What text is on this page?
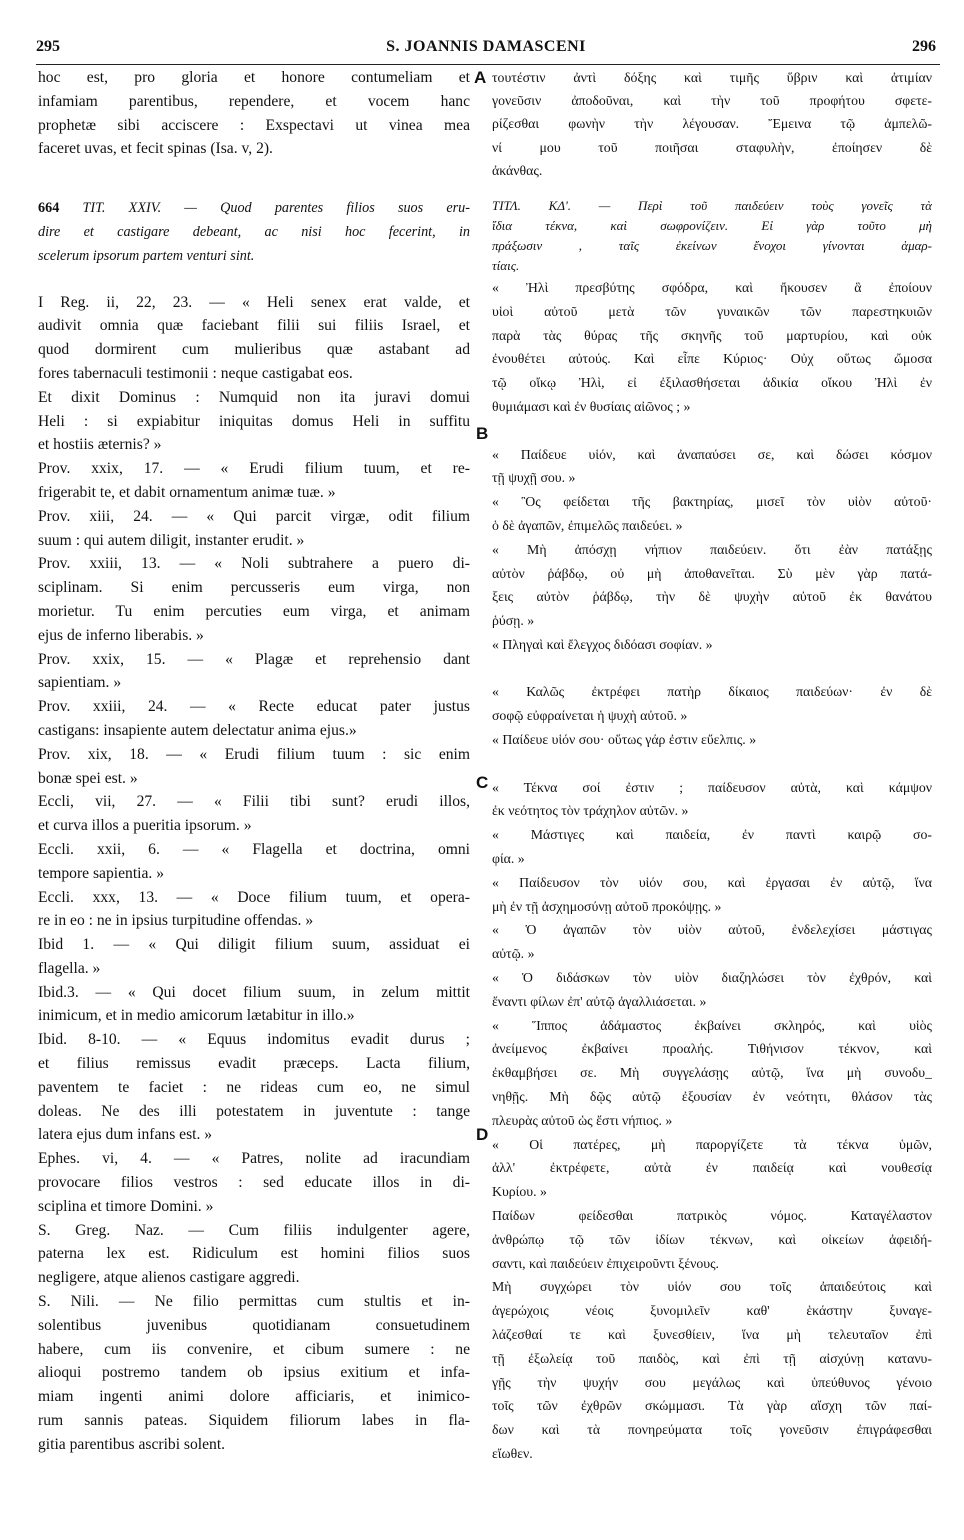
295	S. JOANNIS DAMASCENI	296
A
B
C
D
hoc est, pro gloria et honore contumeliam et
infamiam parentibus, rependere, et vocem hanc
prophetæ sibi acciscere : Exspectavi ut vinea mea
faceret uvas, et fecit spinas (Isa. v, 2).
664 TIT. XXIV. — Quod parentes filios suos eru-
dire et castigare debeant, ac nisi hoc fecerint, in
scelerum ipsorum partem venturi sint.
I Reg. ii, 22, 23. — « Heli senex erat valde, et
audivit omnia quæ faciebant filii sui filiis Israel, et
quod dormirent cum mulieribus quæ astabant ad
fores tabernaculi testimonii : neque castigabat eos.
Et dixit Dominus : Numquid non ita juravi domui
Heli : si expiabitur iniquitas domus Heli in suffitu
et hostiis æternis? »
Prov. xxix, 17. — « Erudi filium tuum, et re-
frigerabit te, et dabit ornamentum animæ tuæ. »
Prov. xiii, 24. — « Qui parcit virgæ, odit filium
suum : qui autem diligit, instanter erudit. »
Prov. xxiii, 13. — « Noli subtrahere a puero di-
sciplinam. Si enim percusseris eum virga, non
morietur. Tu enim percuties eum virga, et animam
ejus de inferno liberabis. »
Prov. xxix, 15. — « Plagæ et reprehensio dant
sapientiam. »
Prov. xxiii, 24. — « Recte educat pater justus
castigans: insapiente autem delectatur anima ejus.»
Prov. xix, 18. — « Erudi filium tuum : sic enim
bonæ spei est. »
Eccli, vii, 27. — « Filii tibi sunt? erudi illos,
et curva illos a pueritia ipsorum. »
Eccli. xxii, 6. — « Flagella et doctrina, omni
tempore sapientia. »
Eccli. xxx, 13. — « Doce filium tuum, et opera-
re in eo : ne in ipsius turpitudine offendas. »
Ibid 1. — « Qui diligit filium suum, assiduat ei
flagella. »
Ibid.3. — « Qui docet filium suum, in zelum mittit
inimicum, et in medio amicorum lætabitur in illo.»
Ibid. 8-10. — « Equus indomitus evadit durus ;
et filius remissus evadit præceps. Lacta filium,
paventem te faciet : ne rideas cum eo, ne simul
doleas. Ne des illi potestatem in juventute : tange
latera ejus dum infans est. »
Ephes. vi, 4. — « Patres, nolite ad iracundiam
provocare filios vestros : sed educate illos in di-
sciplina et timore Domini. »
S. Greg. Naz. — Cum filiis indulgenter agere,
paterna lex est. Ridiculum est homini filios suos
negligere, atque alienos castigare aggredi.
S. Nili. — Ne filio permittas cum stultis et in-
solentibus juvenibus quotidianam consuetudinem
habere, cum iis convenire, et cibum sumere : ne
alioqui postremo tandem ob ipsius exitium et infa-
miam ingenti animi dolore afficiaris, et inimico-
rum sannis pateas. Siquidem filiorum labes in fla-
gitia parentibus ascribi solent.
τουτέστιν ἀντὶ δόξης καὶ τιμῆς ὕβριν καὶ ἀτιμίαν
γονεῦσιν ἀποδοῦναι, καὶ τὴν τοῦ προφήτου σφετε-
ρίζεσθαι φωνὴν τὴν λέγουσαν. Ἔμεινα τῷ ἀμπελῶ-
νί μου τοῦ ποιῆσαι σταφυλὴν, ἐποίησεν δὲ
ἀκάνθας.
ΤΙΤΛ. ΚΔʹ. — Περὶ τοῦ παιδεύειν τοὺς γονεῖς τὰ
ἴδια τέκνα, καὶ σωφρονίζειν. Εἰ γὰρ τοῦτο μὴ
πράξωσιν , ταῖς ἐκείνων ἔνοχοι γίνονται ἁμαρ-
τίαις.
« Ἠλὶ πρεσβύτης σφόδρα, καὶ ἤκουσεν ἃ ἐποίουν
υἱοὶ αὐτοῦ μετὰ τῶν γυναικῶν τῶν παρεστηκυιῶν
παρὰ τὰς θύρας τῆς σκηνῆς τοῦ μαρτυρίου, καὶ οὐκ
ἐνουθέτει αὐτούς. Καὶ εἶπε Κύριος· Οὐχ οὕτως ὤμοσα
τῷ οἴκῳ Ἠλὶ, εἰ ἐξιλασθήσεται ἀδικία οἴκου Ἠλὶ ἐν
θυμιάμασι καὶ ἐν θυσίαις αἰῶνος ; »
« Παίδευε υἱόν, καὶ ἀναπαύσει σε, καὶ δώσει κόσμον
τῇ ψυχῇ σου. »
« Ὃς φείδεται τῆς βακτηρίας, μισεῖ τὸν υἱὸν αὐτοῦ·
ὁ δὲ ἀγαπῶν, ἐπιμελῶς παιδεύει. »
« Μὴ ἀπόσχῃ νήπιον παιδεύειν. ὅτι ἐὰν πατάξῃς
αὐτὸν ῥάβδῳ, οὐ μὴ ἀποθανεῖται. Σὺ μὲν γὰρ πατά-
ξεις αὐτὸν ῥάβδῳ, τὴν δὲ ψυχὴν αὐτοῦ ἐκ θανάτου
ῥύσῃ. »
« Πληγαὶ καὶ ἔλεγχος διδόασι σοφίαν. »
« Καλῶς ἐκτρέφει πατὴρ δίκαιος παιδεύων· ἐν δὲ
σοφῷ εὐφραίνεται ἡ ψυχὴ αὐτοῦ. »
« Παίδευε υἱόν σου· οὕτως γάρ ἐστιν εὔελπις. »
« Τέκνα σοί ἐστιν ; παίδευσον αὐτὰ, καὶ κάμψον
ἐκ νεότητος τὸν τράχηλον αὐτῶν. »
« Μάστιγες καὶ παιδεία, ἐν παντὶ καιρῷ σο-
φία. »
« Παίδευσον τὸν υἱόν σου, καὶ ἐργασαι ἐν αὐτῷ, ἵνα
μὴ ἐν τῇ ἀσχημοσύνῃ αὐτοῦ προκόψῃς. »
« Ὁ ἀγαπῶν τὸν υἱὸν αὐτοῦ, ἐνδελεχίσει μάστιγας
αὐτῷ. »
« Ὁ διδάσκων τὸν υἱὸν διαζηλώσει τὸν ἐχθρόν, καὶ
ἔναντι φίλων ἐπ' αὐτῷ ἀγαλλιάσεται. »
« Ἵππος ἀδάμαστος ἐκβαίνει σκληρός, καὶ υἱὸς
ἀνείμενος ἐκβαίνει προαλής. Τιθήνισον τέκνον, καὶ
ἐκθαμβήσει σε. Μὴ συγγελάσῃς αὐτῷ, ἵνα μὴ συνοδυ_
νηθῇς. Μὴ δῷς αὐτῷ ἐξουσίαν ἐν νεότητι, θλάσον τὰς
πλευρὰς αὐτοῦ ὡς ἔστι νήπιος. »
« Οἱ πατέρες, μὴ παροργίζετε τὰ τέκνα ὑμῶν,
ἀλλ' ἐκτρέφετε, αὐτὰ ἐν παιδείᾳ καὶ νουθεσίᾳ
Κυρίου. »
Παίδων φείδεσθαι πατρικὸς νόμος. Καταγέλαστον
ἀνθρώπῳ τῷ τῶν ἰδίων τέκνων, καὶ οἰκείων ἀφειδή-
σαντι, καὶ παιδεύειν ἐπιχειροῦντι ξένους.
Μὴ συγχώρει τὸν υἱόν σου τοῖς ἀπαιδεύτοις καὶ
ἀγερώχοις νέοις ξυνομιλεῖν καθ' ἑκάστην ξυναγε-
λάζεσθαί τε καὶ ξυνεσθίειν, ἵνα μὴ τελευταῖον ἐπὶ
τῇ ἐξωλείᾳ τοῦ παιδὸς, καὶ ἐπὶ τῇ αἰσχύνῃ κατανυ-
γῇς τὴν ψυχήν σου μεγάλως καὶ ὑπεύθυνος γένοιο
τοῖς τῶν ἐχθρῶν σκώμμασι. Τὰ γὰρ αἴσχη τῶν παί-
δων καὶ τὰ πονηρεύματα τοῖς γονεῦσιν ἐπιγράφεσθαι
εἴωθεν.
